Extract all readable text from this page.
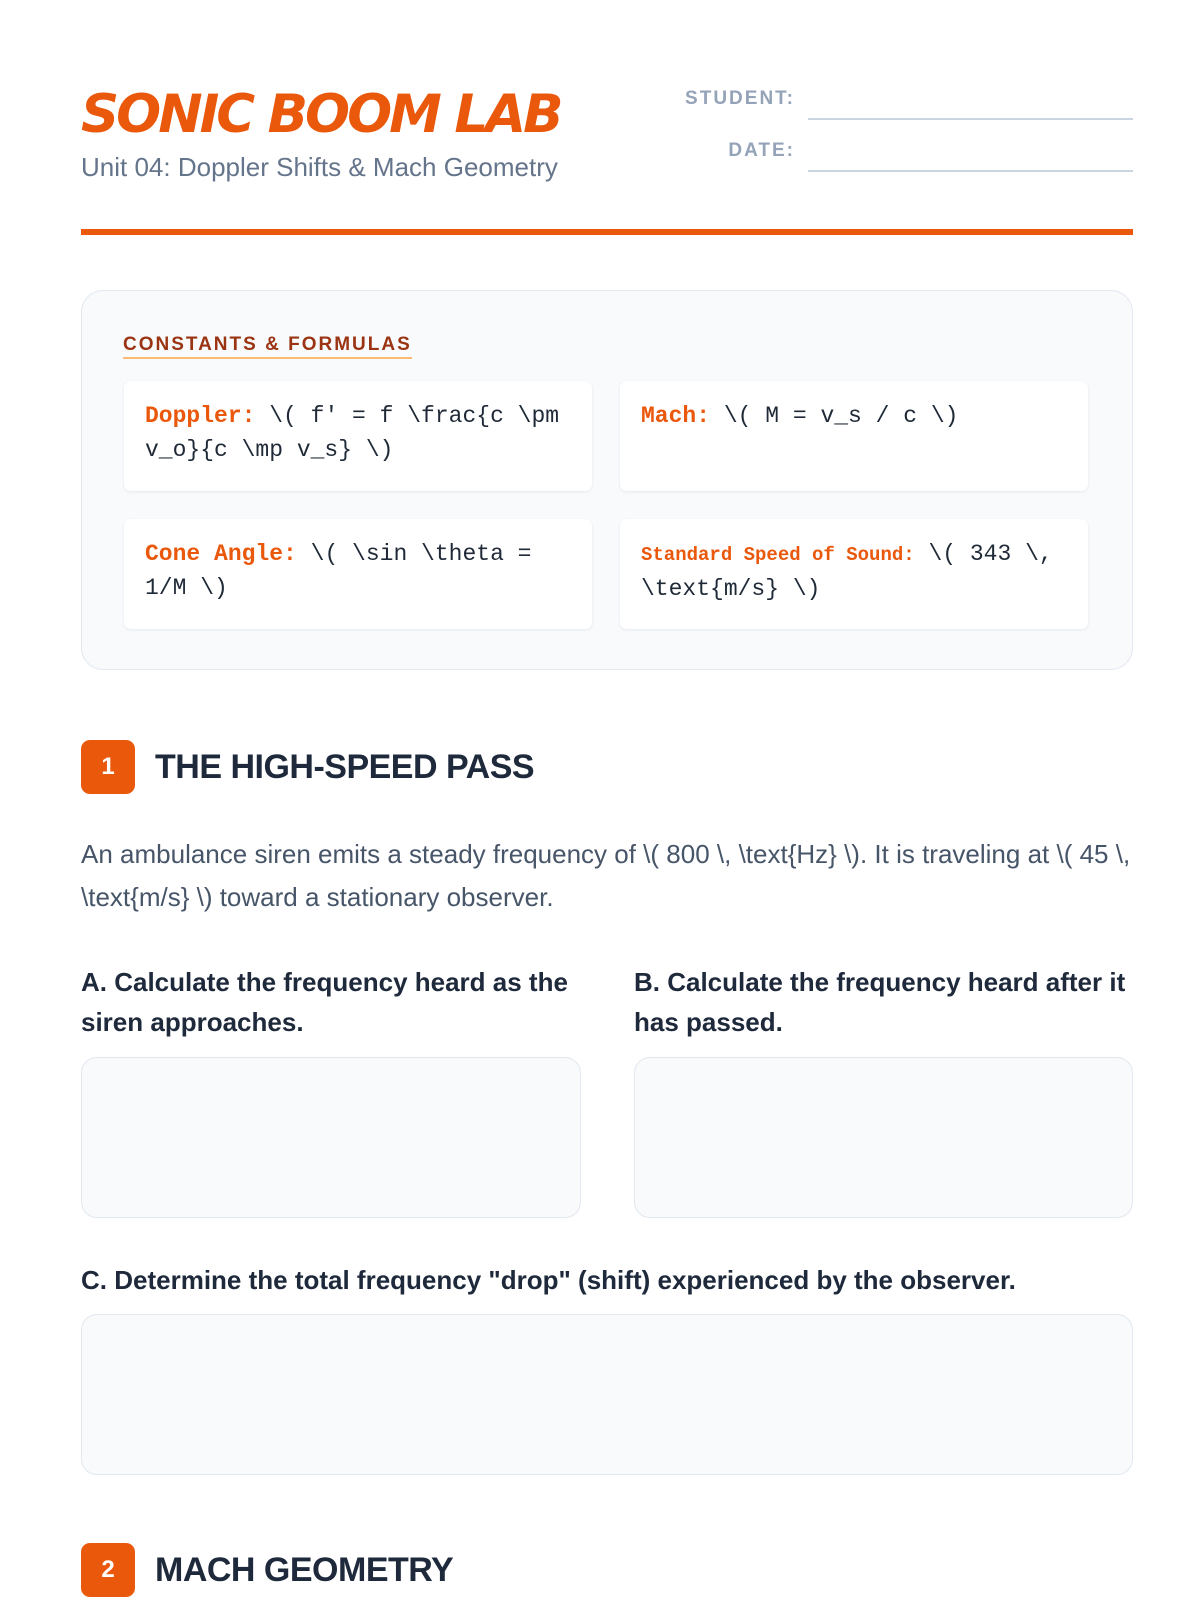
SONIC BOOM LAB
Unit 04: Doppler Shifts & Mach Geometry
STUDENT:
DATE:
CONSTANTS & FORMULAS
Doppler: \( f' = f \frac{c \pm v_o}{c \mp v_s} \)
Mach: \( M = v_s / c \)
Cone Angle: \( \sin \theta = 1/M \)
Standard Speed of Sound: \( 343 \, \text{m/s} \)
1	THE HIGH-SPEED PASS

An ambulance siren emits a steady frequency of \( 800 \, \text{Hz} \). It is traveling at \( 45 \, \text{m/s} \) toward a stationary observer.

A. Calculate the frequency heard as the siren approaches.
B. Calculate the frequency heard after it has passed.
C. Determine the total frequency "drop" (shift) experienced by the observer.
2	MACH GEOMETRY
